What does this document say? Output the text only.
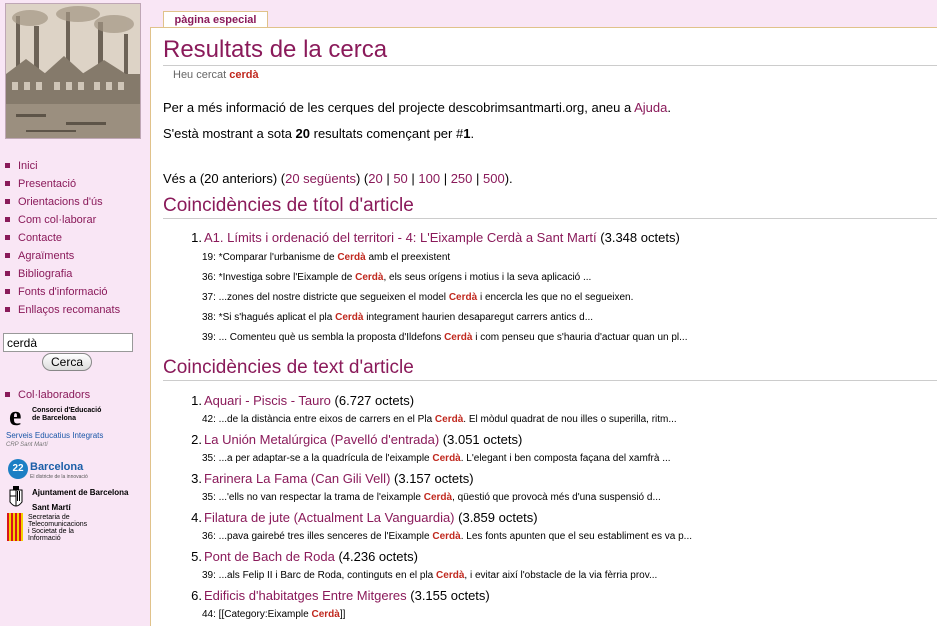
Inici
Presentació
Orientacions d'ús
Com col·laborar
Contacte
Agraïments
Bibliografia
Fonts d'informació
Enllaços recomanats
cerdà
Cerca
Col·laboradors
e Consorci d'Educació
de Barcelona
Serveis Educatius Integrats
CRP Sant Martí
22 Barcelona
El districte de la innovació
Ajuntament de Barcelona
Sant Martí
Secretaria de
Telecomunicacions
i Societat de la
Informació
pàgina especial
Resultats de la cerca
Heu cercat cerdà

Per a més informació de les cerques del projecte descobrimsantmarti.org, aneu a Ajuda.

S'està mostrant a sota 20 resultats començant per #1.

Vés a (20 anteriors) (20 següents) (20 | 50 | 100 | 250 | 500).

Coincidències de títol d'article
1. A1. Límits i ordenació del territori - 4: L'Eixample Cerdà a Sant Martí (3.348 octets)
19: *Comparar l'urbanisme de Cerdà amb el preexistent
36: *Investiga sobre l'Eixample de Cerdà, els seus orígens i motius i la seva aplicació ...
37: ...zones del nostre districte que segueixen el model Cerdà i encercla les que no el segueixen.
38: *Si s'hagués aplicat el pla Cerdà integrament haurien desaparegut carrers antics d...
39: ... Comenteu què us sembla la proposta d'Ildefons Cerdà i com penseu que s'hauria d'actuar quan un pl...
Coincidències de text d'article
1. Aquari - Piscis - Tauro (6.727 octets)
42: ...de la distància entre eixos de carrers en el Pla Cerdà. El mòdul quadrat de nou illes o superilla, ritm...
2. La Unión Metalúrgica (Pavelló d'entrada) (3.051 octets)
35: ...a per adaptar-se a la quadrícula de l'eixample Cerdà. L'elegant i ben composta façana del xamfrà ...
3. Farinera La Fama (Can Gili Vell) (3.157 octets)
35: ...'ells no van respectar la trama de l'eixample Cerdà, qüestió que provocà més d'una suspensió d...
4. Filatura de jute (Actualment La Vanguardia) (3.859 octets)
36: ...pava gairebé tres illes senceres de l'Eixample Cerdà. Les fonts apunten que el seu establiment es va p...
5. Pont de Bach de Roda (4.236 octets)
39: ...als Felip II i Barc de Roda, continguts en el pla Cerdà, i evitar així l'obstacle de la via fèrria prov...
6. Edificis d'habitatges Entre Mitgeres (3.155 octets)
44: [[Category:Eixample Cerdà]]
